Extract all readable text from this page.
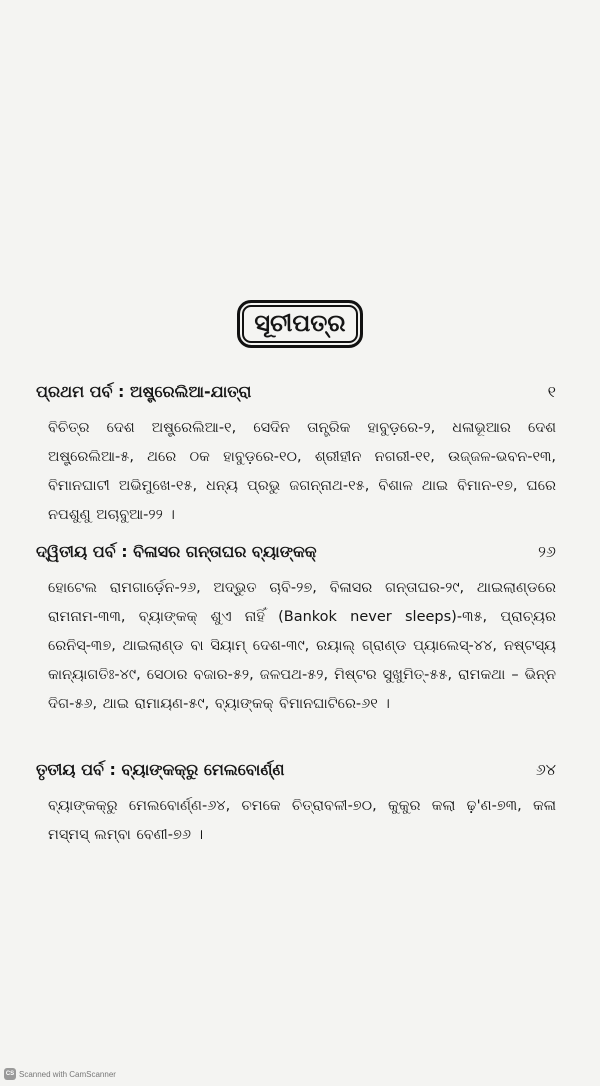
ସୂଚୀପତ୍ର
ପ୍ରଥମ ପର୍ବ : ଅଷ୍ଟ୍ରେଲିଆ-ଯାତ୍ରା	୧
ବିଚିତ୍ର ଦେଶ ଅଷ୍ଟ୍ରେଲିଆ-୧, ସେଦିନ ତାନ୍ତ୍ରିକ ହାବୁଡ଼ରେ-୨, ଧଳାଭୂଆର ଦେଶ ଅଷ୍ଟ୍ରେଲିଆ-୫, ଥରେ ଠକ ହାବୁଡ଼ରେ-୧୦, ଶ୍ରୀହୀନ ନଗରୀ-୧୧, ଉଜ୍ଜଳ-ଭବନ-୧୩, ବିମାନଘାଟୀ ଅଭିମୁଖେ-୧୫, ଧନ୍ୟ ପ୍ରଭୁ ଜଗନ୍ନାଥ-୧୫, ବିଶାଳ ଥାଇ ବିମାନ-୧୭, ଘରେ ନପଶୁଣୁ ଅଚାବୁଆ-୨୨ ।
ଦ୍ୱିତୀୟ ପର୍ବ : ବିଳାସର ଗନ୍ତାଘର ବ୍ୟାଙ୍କକ୍	୨୬
ହୋଟେଲ ରାମଗାର୍ଡ଼େନ-୨୬, ଅଦ୍ଭୁତ ଚାବି-୨୭, ବିଳାସର ଗନ୍ତାଘର-୨୯, ଥାଇଲାଣ୍ଡରେ ରାମନାମ-୩୩, ବ୍ୟାଙ୍କକ୍ ଶୁଏ ନାହିଁ (Bankok never sleeps)-୩୫, ପ୍ରାଚ୍ୟର ରେନିସ୍-୩୭, ଥାଇଲାଣ୍ଡ ବା ସିୟାମ୍ ଦେଶ-୩୯, ରୟାଲ୍ ଗ୍ରାଣ୍ଡ ପ୍ୟାଲେସ୍-୪୪, ନଷ୍ଟସ୍ୟ କାନ୍ୟାଗତିଃ-୪୯, ସେଠାର ବଜାର-୫୨, ଜଳପଥ-୫୨, ମିଷ୍ଟର ସୁଖୁମିତ୍-୫୫, ରାମକଥା – ଭିନ୍ନ ଦିଗ-୫୬, ଥାଇ ରାମାୟଣ-୫୯, ବ୍ୟାଙ୍କକ୍ ବିମାନଘାଟିରେ-୬୧ ।
ତୃତୀୟ ପର୍ବ : ବ୍ୟାଙ୍କକ୍‌ରୁ ମେଲବୋର୍ଣ୍ଣ	୬୪
ବ୍ୟାଙ୍କକ୍‌ରୁ ମେଲବୋର୍ଣ୍ଣ-୬୪, ଚମକେ ଚିତ୍ରାବଳୀ-୭୦, କୁକୁର କଲା ଢ଼'ଣ-୭୩, କଳା ମସ୍‌ମସ୍ ଲମ୍ବା ବେଣୀ-୭୬ ।
CS Scanned with CamScanner
